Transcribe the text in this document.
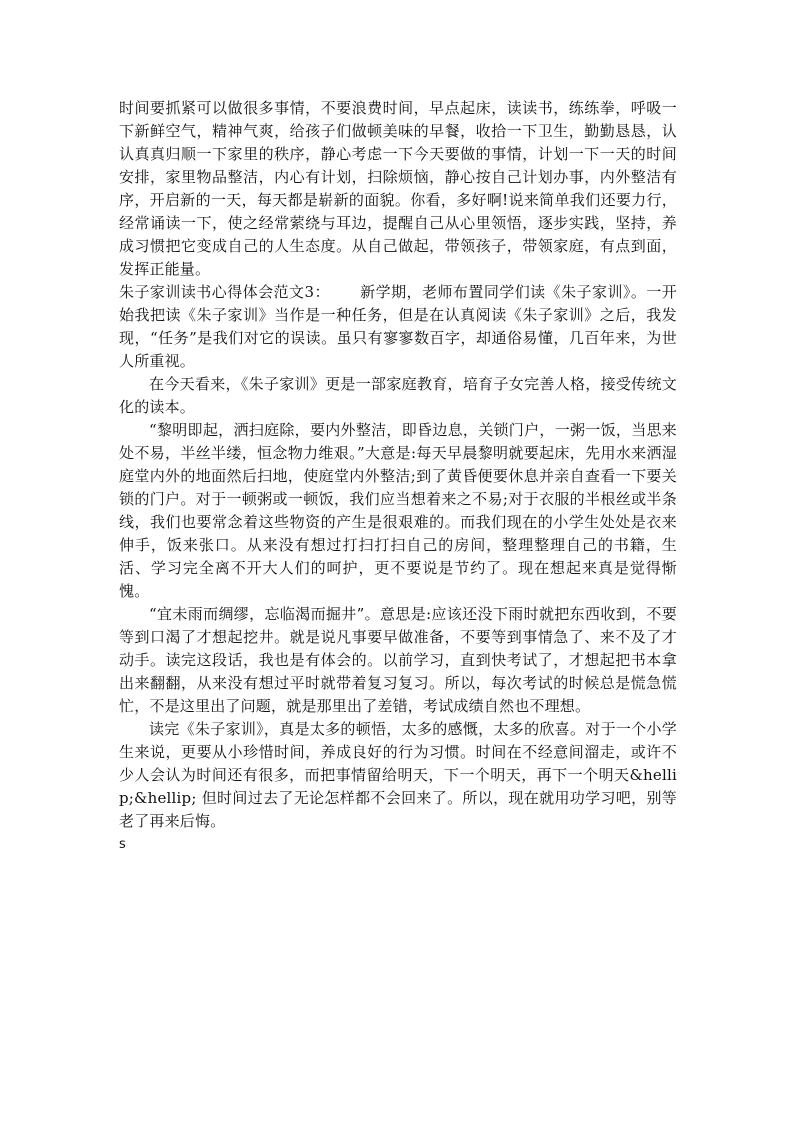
时间要抓紧可以做很多事情，不要浪费时间，早点起床，读读书，练练拳，呼吸一下新鲜空气，精神气爽，给孩子们做顿美味的早餐，收拾一下卫生，勤勤恳恳，认认真真归顺一下家里的秩序，静心考虑一下今天要做的事情，计划一下一天的时间安排，家里物品整洁，内心有计划，扫除烦恼，静心按自己计划办事，内外整洁有序，开启新的一天，每天都是崭新的面貌。你看，多好啊!说来简单我们还要力行，经常诵读一下，使之经常萦绕与耳边，提醒自己从心里领悟，逐步实践，坚持，养成习惯把它变成自己的人生态度。从自己做起，带领孩子，带领家庭，有点到面，发挥正能量。

朱子家训读书心得体会范文3： 新学期，老师布置同学们读《朱子家训》。一开始我把读《朱子家训》当作是一种任务，但是在认真阅读《朱子家训》之后，我发现，“任务”是我们对它的误读。虽只有寥寥数百字，却通俗易懂，几百年来，为世人所重视。

在今天看来，《朱子家训》更是一部家庭教育，培育子女完善人格，接受传统文化的读本。

“黎明即起，洒扫庭除，要内外整洁，即昏边息，关锁门户，一粥一饭，当思来处不易，半丝半缕，恒念物力维艰。”大意是:每天早晨黎明就要起床，先用水来洒湿庭堂内外的地面然后扫地，使庭堂内外整洁;到了黄昏便要休息并亲自查看一下要关锁的门户。对于一顿粥或一顿饭，我们应当想着来之不易;对于衣服的半根丝或半条线，我们也要常念着这些物资的产生是很艰难的。而我们现在的小学生处处是衣来伸手，饭来张口。从来没有想过打扫打扫自己的房间，整理整理自己的书籍，生活、学习完全离不开大人们的呵护，更不要说是节约了。现在想起来真是觉得惭愧。

“宜未雨而绸缪，忘临渴而掘井”。意思是:应该还没下雨时就把东西收到，不要等到口渴了才想起挖井。就是说凡事要早做准备，不要等到事情急了、来不及了才动手。读完这段话，我也是有体会的。以前学习，直到快考试了，才想起把书本拿出来翻翻，从来没有想过平时就带着复习复习。所以，每次考试的时候总是慌急慌忙，不是这里出了问题，就是那里出了差错，考试成绩自然也不理想。

读完《朱子家训》，真是太多的顿悟，太多的感慨，太多的欣喜。对于一个小学生来说，更要从小珍惜时间，养成良好的行为习惯。时间在不经意间溜走，或许不少人会认为时间还有很多，而把事情留给明天，下一个明天，再下一个明天&hellip;&hellip; 但时间过去了无论怎样都不会回来了。所以，现在就用功学习吧，别等老了再来后悔。

s
